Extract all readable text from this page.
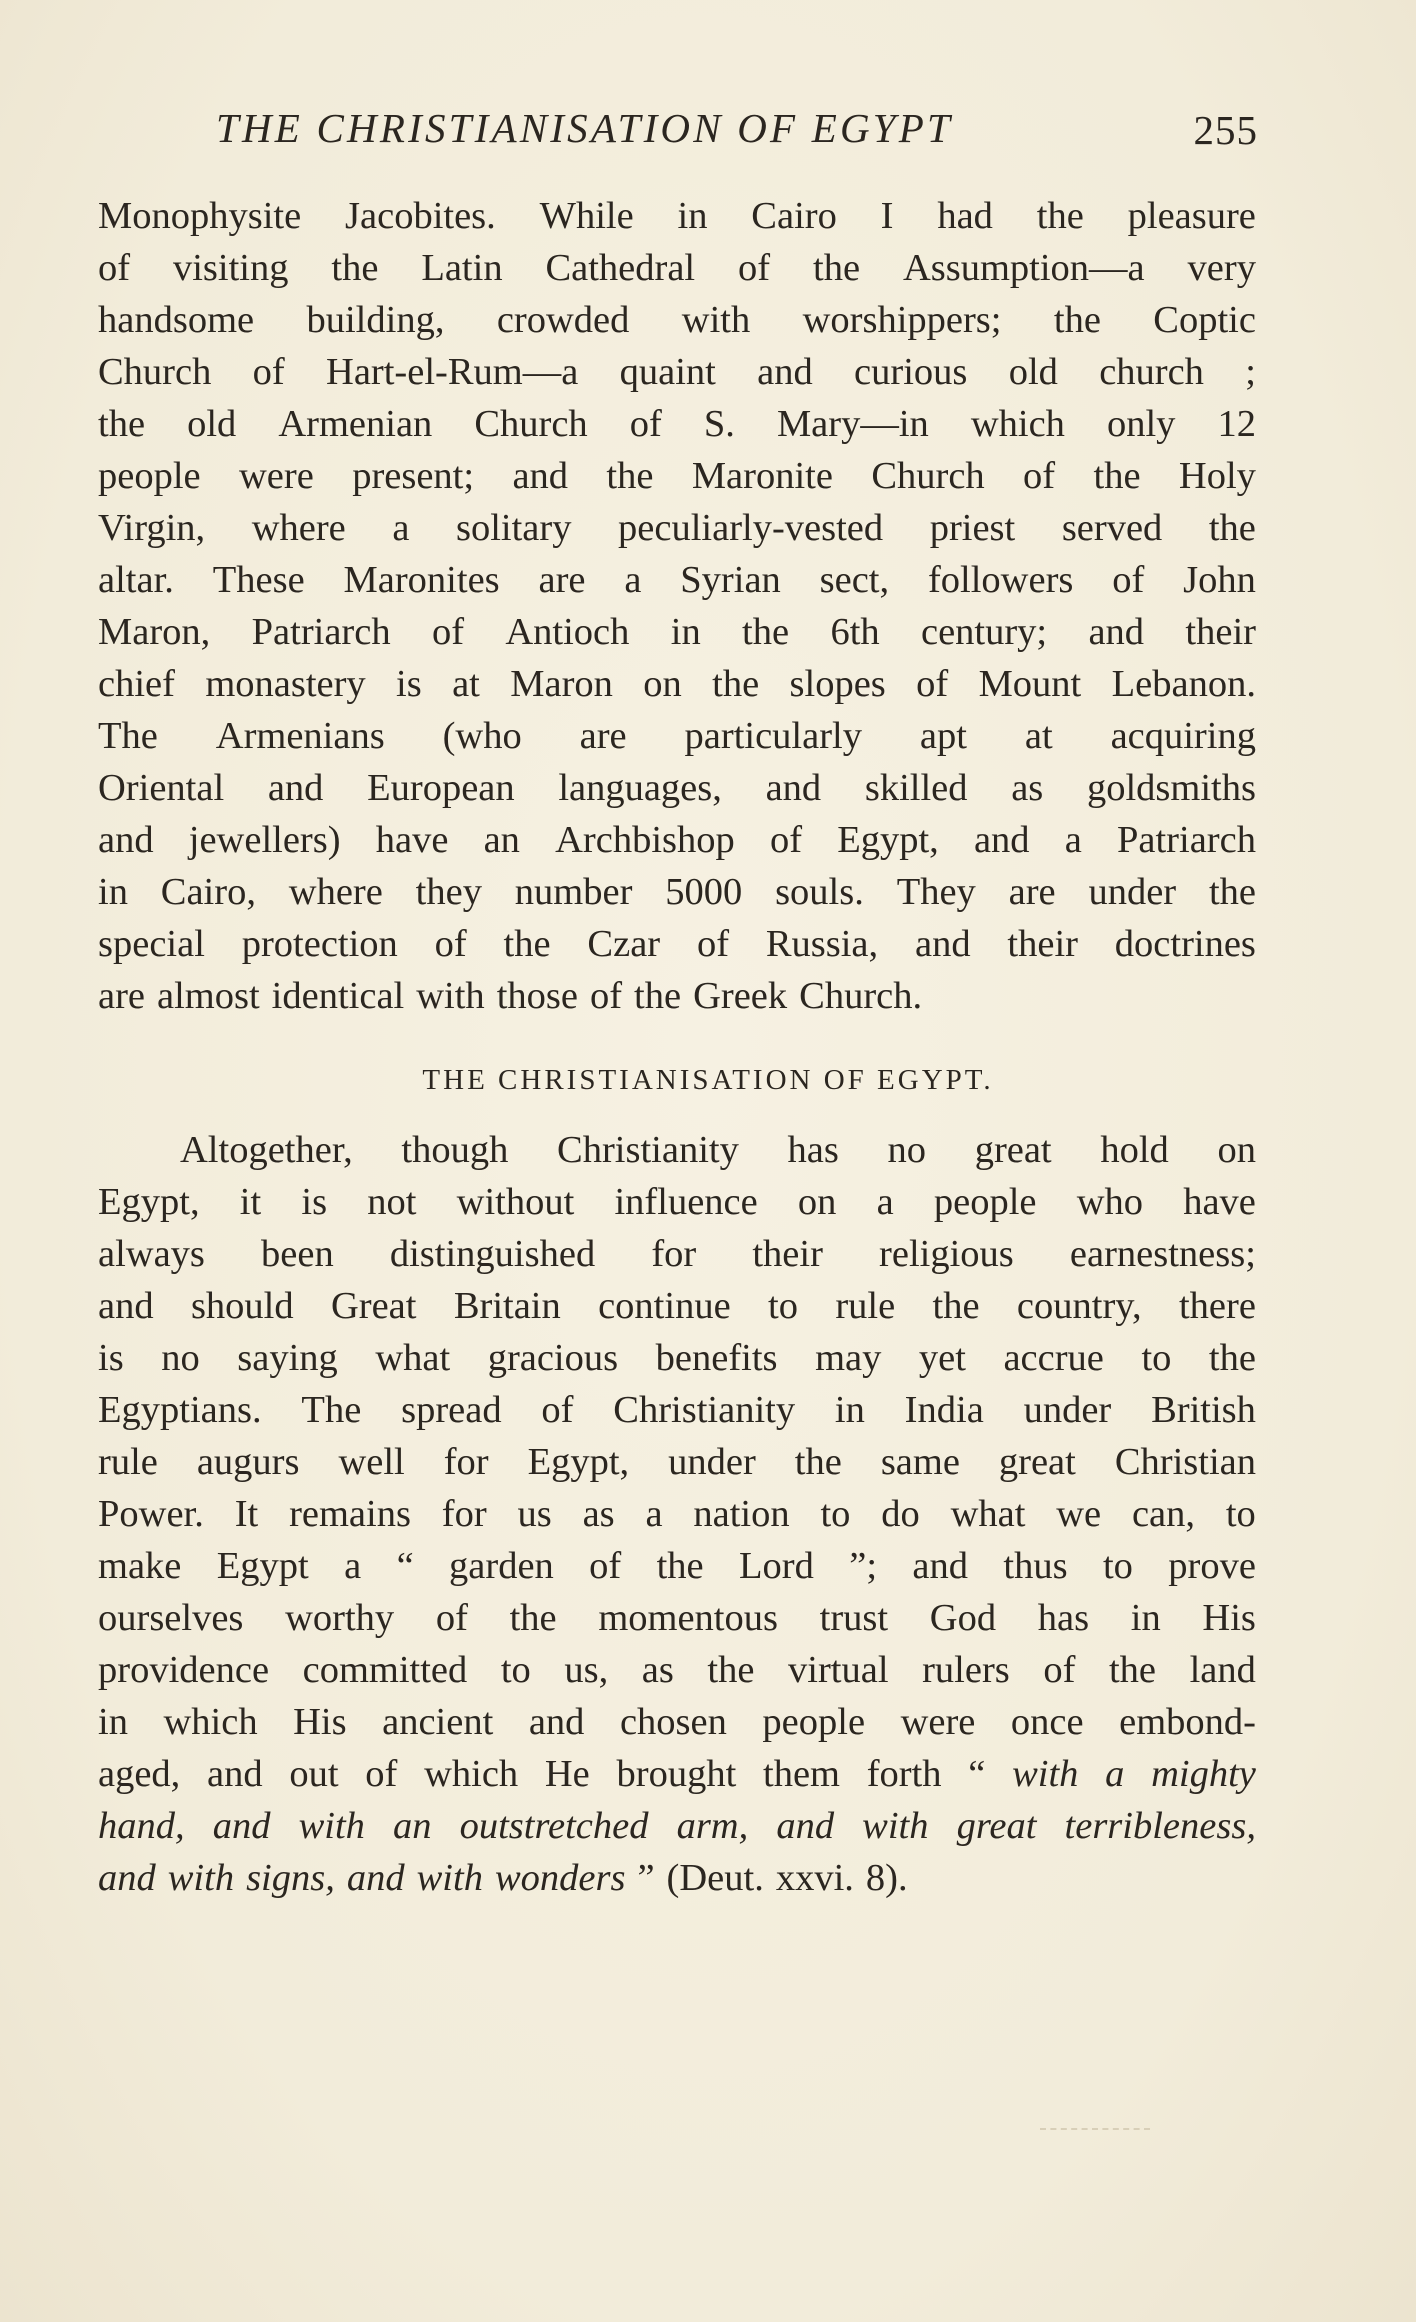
THE CHRISTIANISATION OF EGYPT	255
Monophysite Jacobites. While in Cairo I had the pleasure
of visiting the Latin Cathedral of the Assumption—a very
handsome building, crowded with worshippers; the Coptic
Church of Hart-el-Rum—a quaint and curious old church ;
the old Armenian Church of S. Mary—in which only 12
people were present; and the Maronite Church of the Holy
Virgin, where a solitary peculiarly-vested priest served the
altar. These Maronites are a Syrian sect, followers of John
Maron, Patriarch of Antioch in the 6th century; and their
chief monastery is at Maron on the slopes of Mount Lebanon.
The Armenians (who are particularly apt at acquiring
Oriental and European languages, and skilled as goldsmiths
and jewellers) have an Archbishop of Egypt, and a Patriarch
in Cairo, where they number 5000 souls. They are under the
special protection of the Czar of Russia, and their doctrines
are almost identical with those of the Greek Church.
THE CHRISTIANISATION OF EGYPT.
Altogether, though Christianity has no great hold on
Egypt, it is not without influence on a people who have
always been distinguished for their religious earnestness;
and should Great Britain continue to rule the country, there
is no saying what gracious benefits may yet accrue to the
Egyptians. The spread of Christianity in India under British
rule augurs well for Egypt, under the same great Christian
Power. It remains for us as a nation to do what we can, to
make Egypt a “ garden of the Lord ”; and thus to prove
ourselves worthy of the momentous trust God has in His
providence committed to us, as the virtual rulers of the land
in which His ancient and chosen people were once embond-
aged, and out of which He brought them forth “ with a mighty
hand, and with an outstretched arm, and with great terribleness,
and with signs, and with wonders ” (Deut. xxvi. 8).
